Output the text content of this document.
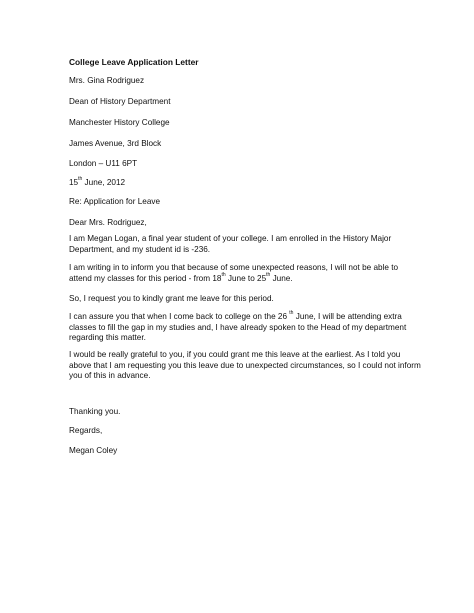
College Leave Application Letter

Mrs. Gina Rodriguez

Dean of History Department

Manchester History College

James Avenue, 3rd Block

London – U11 6PT

15th June, 2012

Re: Application for Leave

Dear Mrs. Rodriguez,

I am Megan Logan, a final year student of your college. I am enrolled in the History Major
Department, and my student id is -236.
I am writing in to inform you that because of some unexpected reasons, I will not be able to
attend my classes for this period - from 18th June to 25th June.

So, I request you to kindly grant me leave for this period.

I can assure you that when I come back to college on the 26 $^{th}$ June, I will be attending extra
classes to fill the gap in my studies and, I have already spoken to the Head of my department
regarding this matter.
I would be really grateful to you, if you could grant me this leave at the earliest. As I told you
above that I am requesting you this leave due to unexpected circumstances, so I could not inform
you of this in advance.

Thanking you.

Regards,

Megan Coley
